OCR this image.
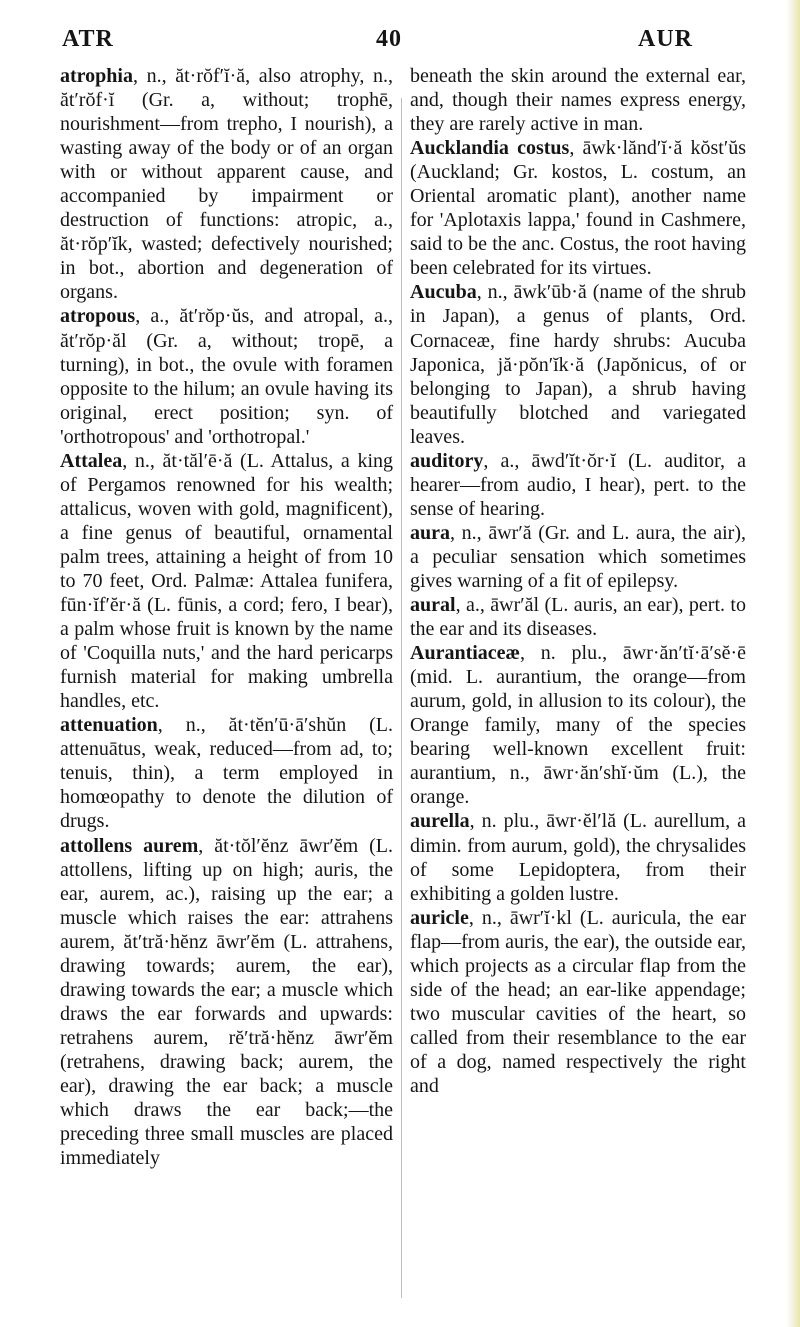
ATR	40	AUR

atrophia, n., ăt·rŏf′ĭ·ă, also atrophy, n., ăt′rŏf·ĭ (Gr. a, without; trophē, nourishment—from trepho, I nourish), a wasting away of the body or of an organ with or without apparent cause, and accompanied by impairment or destruction of functions: atropic, a., ăt·rŏp′ĭk, wasted; defectively nourished; in bot., abortion and degeneration of organs.

atropous, a., ăt′rŏp·ŭs, and atropal, a., ăt′rŏp·ăl (Gr. a, without; tropē, a turning), in bot., the ovule with foramen opposite to the hilum; an ovule having its original, erect position; syn. of 'orthotropous' and 'orthotropal.'

Attalea, n., ăt·tăl′ē·ă (L. Attalus, a king of Pergamos renowned for his wealth; attalicus, woven with gold, magnificent), a fine genus of beautiful, ornamental palm trees, attaining a height of from 10 to 70 feet, Ord. Palmæ: Attalea funifera, fūn·ĭf′ĕr·ă (L. fūnis, a cord; fero, I bear), a palm whose fruit is known by the name of 'Coquilla nuts,' and the hard pericarps furnish material for making umbrella handles, etc.

attenuation, n., ăt·tĕn′ū·ā′shŭn (L. attenuātus, weak, reduced—from ad, to; tenuis, thin), a term employed in homœopathy to denote the dilution of drugs.

attollens aurem, ăt·tŏl′ĕnz āwr′ĕm (L. attollens, lifting up on high; auris, the ear, aurem, ac.), raising up the ear; a muscle which raises the ear: attrahens aurem, ăt′tră·hĕnz āwr′ĕm (L. attrahens, drawing towards; aurem, the ear), drawing towards the ear; a muscle which draws the ear forwards and upwards: retrahens aurem, rĕ′tră·hĕnz āwr′ĕm (retrahens, drawing back; aurem, the ear), drawing the ear back; a muscle which draws the ear back;—the preceding three small muscles are placed immediately

beneath the skin around the external ear, and, though their names express energy, they are rarely active in man.

Aucklandia costus, āwk·lănd′ĭ·ă kŏst′ŭs (Auckland; Gr. kostos, L. costum, an Oriental aromatic plant), another name for 'Aplotaxis lappa,' found in Cashmere, said to be the anc. Costus, the root having been celebrated for its virtues.

Aucuba, n., āwk′ūb·ă (name of the shrub in Japan), a genus of plants, Ord. Cornaceæ, fine hardy shrubs: Aucuba Japonica, jă·pŏn′ĭk·ă (Japŏnicus, of or belonging to Japan), a shrub having beautifully blotched and variegated leaves.

auditory, a., āwd′ĭt·ŏr·ĭ (L. auditor, a hearer—from audio, I hear), pert. to the sense of hearing.

aura, n., āwr′ă (Gr. and L. aura, the air), a peculiar sensation which sometimes gives warning of a fit of epilepsy.

aural, a., āwr′ăl (L. auris, an ear), pert. to the ear and its diseases.

Aurantiaceæ, n. plu., āwr·ăn′tĭ·ā′sĕ·ē (mid. L. aurantium, the orange—from aurum, gold, in allusion to its colour), the Orange family, many of the species bearing well-known excellent fruit: aurantium, n., āwr·ăn′shĭ·ŭm (L.), the orange.

aurella, n. plu., āwr·ĕl′lă (L. aurellum, a dimin. from aurum, gold), the chrysalides of some Lepidoptera, from their exhibiting a golden lustre.

auricle, n., āwr′ĭ·kl (L. auricula, the ear flap—from auris, the ear), the outside ear, which projects as a circular flap from the side of the head; an ear-like appendage; two muscular cavities of the heart, so called from their resemblance to the ear of a dog, named respectively the right and
